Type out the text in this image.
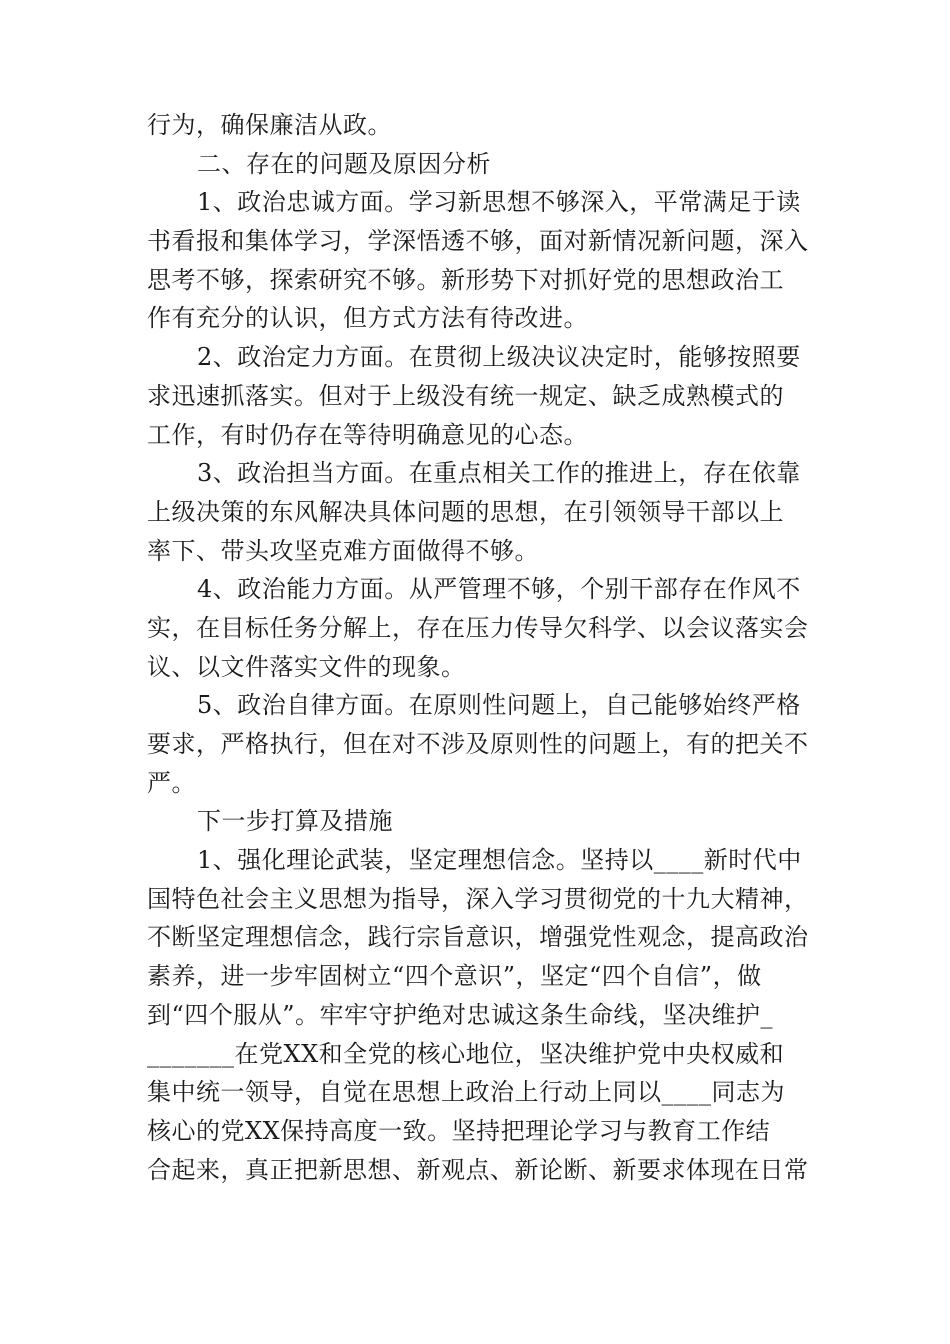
行为，确保廉洁从政。
二、存在的问题及原因分析
1、政治忠诚方面。学习新思想不够深入，平常满足于读
书看报和集体学习，学深悟透不够，面对新情况新问题，深入
思考不够，探索研究不够。新形势下对抓好党的思想政治工
作有充分的认识，但方式方法有待改进。
2、政治定力方面。在贯彻上级决议决定时，能够按照要
求迅速抓落实。但对于上级没有统一规定、缺乏成熟模式的
工作，有时仍存在等待明确意见的心态。
3、政治担当方面。在重点相关工作的推进上，存在依靠
上级决策的东风解决具体问题的思想，在引领领导干部以上
率下、带头攻坚克难方面做得不够。
4、政治能力方面。从严管理不够，个别干部存在作风不
实，在目标任务分解上，存在压力传导欠科学、以会议落实会
议、以文件落实文件的现象。
5、政治自律方面。在原则性问题上，自己能够始终严格
要求，严格执行，但在对不涉及原则性的问题上，有的把关不
严。
下一步打算及措施
1、强化理论武装，坚定理想信念。坚持以____新时代中
国特色社会主义思想为指导，深入学习贯彻党的十九大精神，
不断坚定理想信念，践行宗旨意识，增强党性观念，提高政治
素养，进一步牢固树立“四个意识”，坚定“四个自信”，做
到“四个服从”。牢牢守护绝对忠诚这条生命线，坚决维护_
_______在党XX和全党的核心地位，坚决维护党中央权威和
集中统一领导，自觉在思想上政治上行动上同以____同志为
核心的党XX保持高度一致。坚持把理论学习与教育工作结
合起来，真正把新思想、新观点、新论断、新要求体现在日常
